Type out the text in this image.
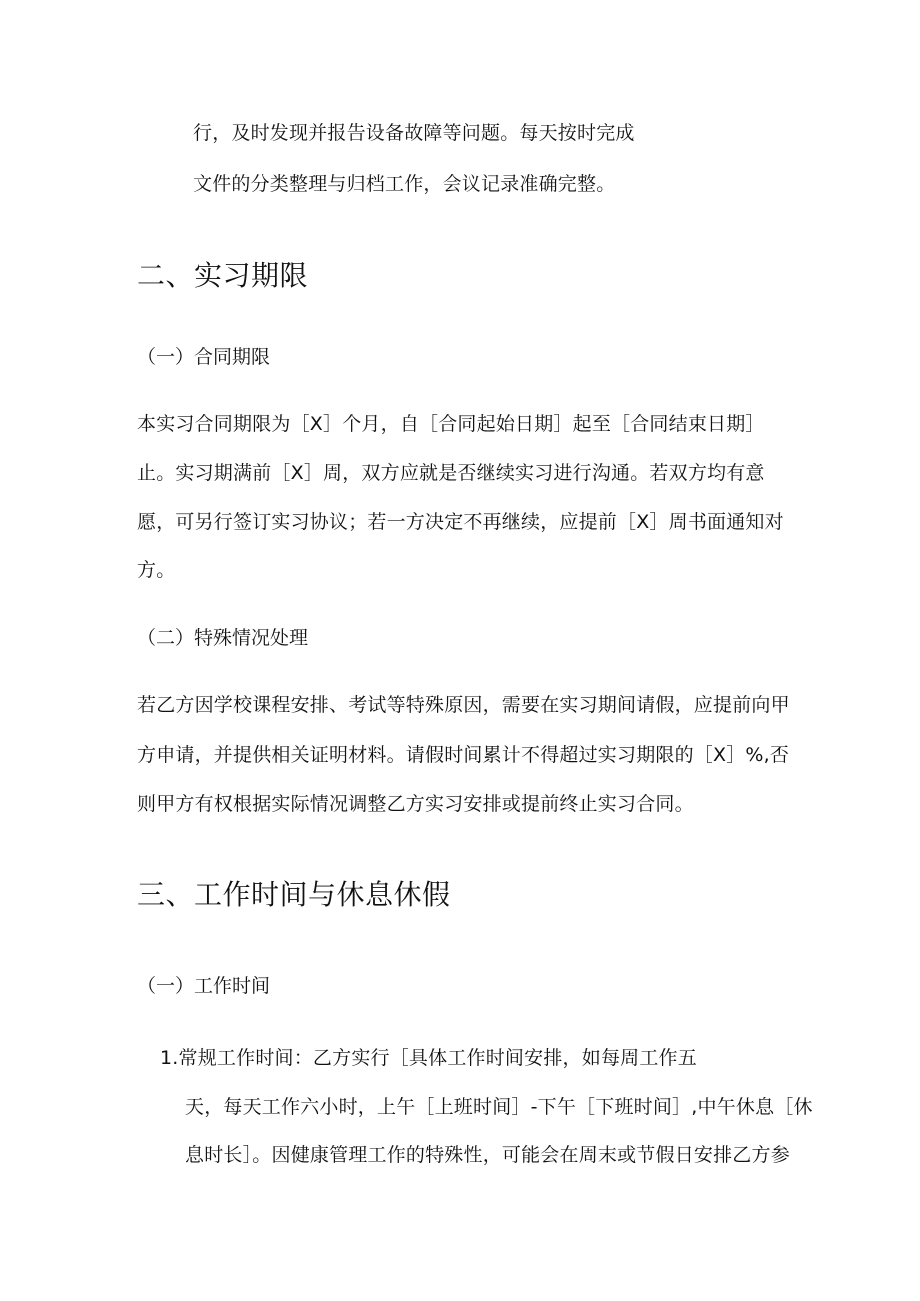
行，及时发现并报告设备故障等问题。每天按时完成
文件的分类整理与归档工作，会议记录准确完整。
二、实习期限
（一）合同期限
本实习合同期限为［X］个月，自［合同起始日期］起至［合同结束日期］
止。实习期满前［X］周，双方应就是否继续实习进行沟通。若双方均有意
愿，可另行签订实习协议；若一方决定不再继续，应提前［X］周书面通知对
方。
（二）特殊情况处理
若乙方因学校课程安排、考试等特殊原因，需要在实习期间请假，应提前向甲
方申请，并提供相关证明材料。请假时间累计不得超过实习期限的［X］%,否
则甲方有权根据实际情况调整乙方实习安排或提前终止实习合同。
三、工作时间与休息休假
（一）工作时间
1.常规工作时间：乙方实行［具体工作时间安排，如每周工作五
天，每天工作六小时，上午［上班时间］-下午［下班时间］,中午休息［休
息时长］。因健康管理工作的特殊性，可能会在周末或节假日安排乙方参
